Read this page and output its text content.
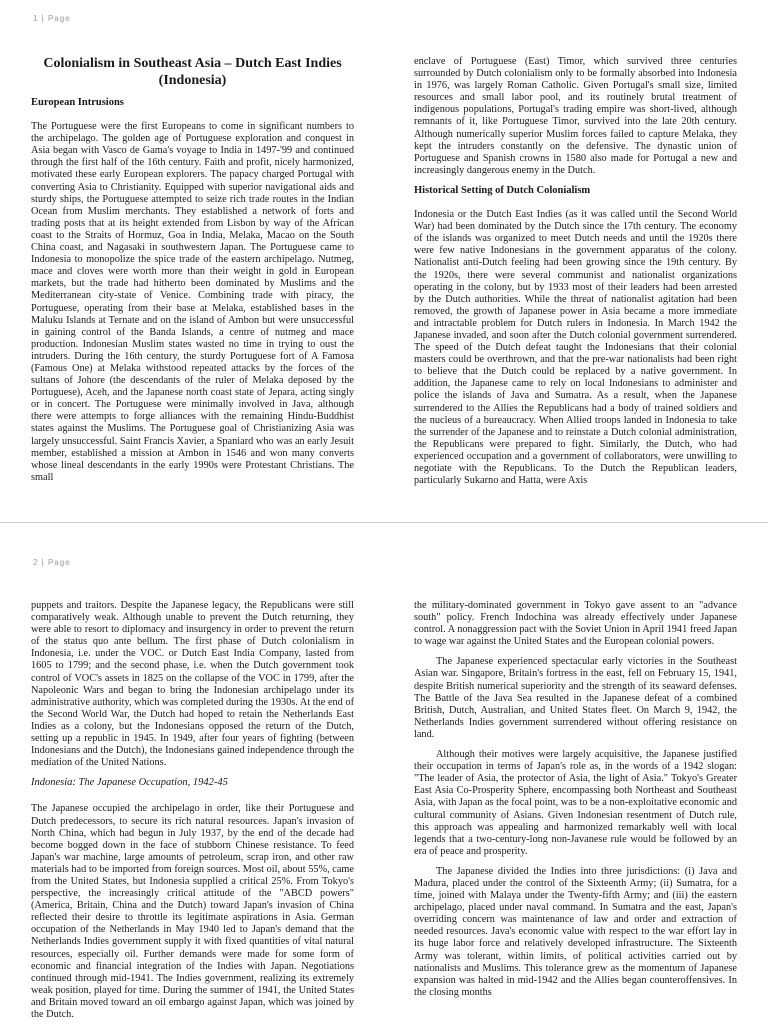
1 | Page
Colonialism in Southeast Asia – Dutch East Indies (Indonesia)
European Intrusions

The Portuguese were the first Europeans to come in significant numbers to the archipelago. The golden age of Portuguese exploration and conquest in Asia began with Vasco de Gama's voyage to India in 1497-'99 and continued through the first half of the 16th century. Faith and profit, nicely harmonized, motivated these early European explorers. The papacy charged Portugal with converting Asia to Christianity. Equipped with superior navigational aids and sturdy ships, the Portuguese attempted to seize rich trade routes in the Indian Ocean from Muslim merchants. They established a network of forts and trading posts that at its height extended from Lisbon by way of the African coast to the Straits of Hormuz, Goa in India, Melaka, Macao on the South China coast, and Nagasaki in southwestern Japan. The Portuguese came to Indonesia to monopolize the spice trade of the eastern archipelago. Nutmeg, mace and cloves were worth more than their weight in gold in European markets, but the trade had hitherto been dominated by Muslims and the Mediterranean city-state of Venice. Combining trade with piracy, the Portuguese, operating from their base at Melaka, established bases in the Maluku Islands at Ternate and on the island of Ambon but were unsuccessful in gaining control of the Banda Islands, a centre of nutmeg and mace production. Indonesian Muslim states wasted no time in trying to oust the intruders. During the 16th century, the sturdy Portuguese fort of A Famosa (Famous One) at Melaka withstood repeated attacks by the forces of the sultans of Johore (the descendants of the ruler of Melaka deposed by the Portuguese), Aceh, and the Japanese north coast state of Jepara, acting singly or in concert. The Portuguese were minimally involved in Java, although there were attempts to forge alliances with the remaining Hindu-Buddhist states against the Muslims. The Portuguese goal of Christianizing Asia was largely unsuccessful. Saint Francis Xavier, a Spaniard who was an early Jesuit member, established a mission at Ambon in 1546 and won many converts whose lineal descendants in the early 1990s were Protestant Christians. The small

enclave of Portuguese (East) Timor, which survived three centuries surrounded by Dutch colonialism only to be formally absorbed into Indonesia in 1976, was largely Roman Catholic. Given Portugal's small size, limited resources and small labor pool, and its routinely brutal treatment of indigenous populations, Portugal's trading empire was short-lived, although remnants of it, like Portuguese Timor, survived into the late 20th century. Although numerically superior Muslim forces failed to capture Melaka, they kept the intruders constantly on the defensive. The dynastic union of Portuguese and Spanish crowns in 1580 also made for Portugal a new and increasingly dangerous enemy in the Dutch.

Historical Setting of Dutch Colonialism

Indonesia or the Dutch East Indies (as it was called until the Second World War) had been dominated by the Dutch since the 17th century. The economy of the islands was organized to meet Dutch needs and until the 1920s there were few native Indonesians in the government apparatus of the colony. Nationalist anti-Dutch feeling had been growing since the 19th century. By the 1920s, there were several communist and nationalist organizations operating in the colony, but by 1933 most of their leaders had been arrested by the Dutch authorities. While the threat of nationalist agitation had been removed, the growth of Japanese power in Asia became a more immediate and intractable problem for Dutch rulers in Indonesia. In March 1942 the Japanese invaded, and soon after the Dutch colonial government surrendered. The speed of the Dutch defeat taught the Indonesians that their colonial masters could be overthrown, and that the pre-war nationalists had been right to believe that the Dutch could be replaced by a native government. In addition, the Japanese came to rely on local Indonesians to administer and police the islands of Java and Sumatra. As a result, when the Japanese surrendered to the Allies the Republicans had a body of trained soldiers and the nucleus of a bureaucracy. When Allied troops landed in Indonesia to take the surrender of the Japanese and to reinstate a Dutch colonial administration, the Republicans were prepared to fight. Similarly, the Dutch, who had experienced occupation and a government of collaborators, were unwilling to negotiate with the Republicans. To the Dutch the Republican leaders, particularly Sukarno and Hatta, were Axis

2 | Page

puppets and traitors. Despite the Japanese legacy, the Republicans were still comparatively weak. Although unable to prevent the Dutch returning, they were able to resort to diplomacy and insurgency in order to prevent the return of the status quo ante bellum. The first phase of Dutch colonialism in Indonesia, i.e. under the VOC. or Dutch East India Company, lasted from 1605 to 1799; and the second phase, i.e. when the Dutch government took control of VOC's assets in 1825 on the collapse of the VOC in 1799, after the Napoleonic Wars and began to bring the Indonesian archipelago under its administrative authority, which was completed during the 1930s. At the end of the Second World War, the Dutch had hoped to retain the Netherlands East Indies as a colony, but the Indonesians opposed the return of the Dutch, setting up a republic in 1945. In 1949, after four years of fighting (between Indonesians and the Dutch), the Indonesians gained independence through the mediation of the United Nations.

Indonesia: The Japanese Occupation, 1942-45

The Japanese occupied the archipelago in order, like their Portuguese and Dutch predecessors, to secure its rich natural resources. Japan's invasion of North China, which had begun in July 1937, by the end of the decade had become bogged down in the face of stubborn Chinese resistance. To feed Japan's war machine, large amounts of petroleum, scrap iron, and other raw materials had to be imported from foreign sources. Most oil, about 55%, came from the United States, but Indonesia supplied a critical 25%. From Tokyo's perspective, the increasingly critical attitude of the "ABCD powers" (America, Britain, China and the Dutch) toward Japan's invasion of China reflected their desire to throttle its legitimate aspirations in Asia. German occupation of the Netherlands in May 1940 led to Japan's demand that the Netherlands Indies government supply it with fixed quantities of vital natural resources, especially oil. Further demands were made for some form of economic and financial integration of the Indies with Japan. Negotiations continued through mid-1941. The Indies government, realizing its extremely weak position, played for time. During the summer of 1941, the United States and Britain moved toward an oil embargo against Japan, which was joined by the Dutch.

the military-dominated government in Tokyo gave assent to an "advance south" policy. French Indochina was already effectively under Japanese control. A nonaggression pact with the Soviet Union in April 1941 freed Japan to wage war against the United States and the European colonial powers.

The Japanese experienced spectacular early victories in the Southeast Asian war. Singapore, Britain's fortress in the east, fell on February 15, 1941, despite British numerical superiority and the strength of its seaward defenses. The Battle of the Java Sea resulted in the Japanese defeat of a combined British, Dutch, Australian, and United States fleet. On March 9, 1942, the Netherlands Indies government surrendered without offering resistance on land.

Although their motives were largely acquisitive, the Japanese justified their occupation in terms of Japan's role as, in the words of a 1942 slogan: "The leader of Asia, the protector of Asia, the light of Asia." Tokyo's Greater East Asia Co-Prosperity Sphere, encompassing both Northeast and Southeast Asia, with Japan as the focal point, was to be a non-exploitative economic and cultural community of Asians. Given Indonesian resentment of Dutch rule, this approach was appealing and harmonized remarkably well with local legends that a two-century-long non-Javanese rule would be followed by an era of peace and prosperity.

The Japanese divided the Indies into three jurisdictions: (i) Java and Madura, placed under the control of the Sixteenth Army; (ii) Sumatra, for a time, joined with Malaya under the Twenty-fifth Army; and (iii) the eastern archipelago, placed under naval command. In Sumatra and the east, Japan's overriding concern was maintenance of law and order and extraction of needed resources. Java's economic value with respect to the war effort lay in its huge labor force and relatively developed infrastructure. The Sixteenth Army was tolerant, within limits, of political activities carried out by nationalists and Muslims. This tolerance grew as the momentum of Japanese expansion was halted in mid-1942 and the Allies began counteroffensives. In the closing months
